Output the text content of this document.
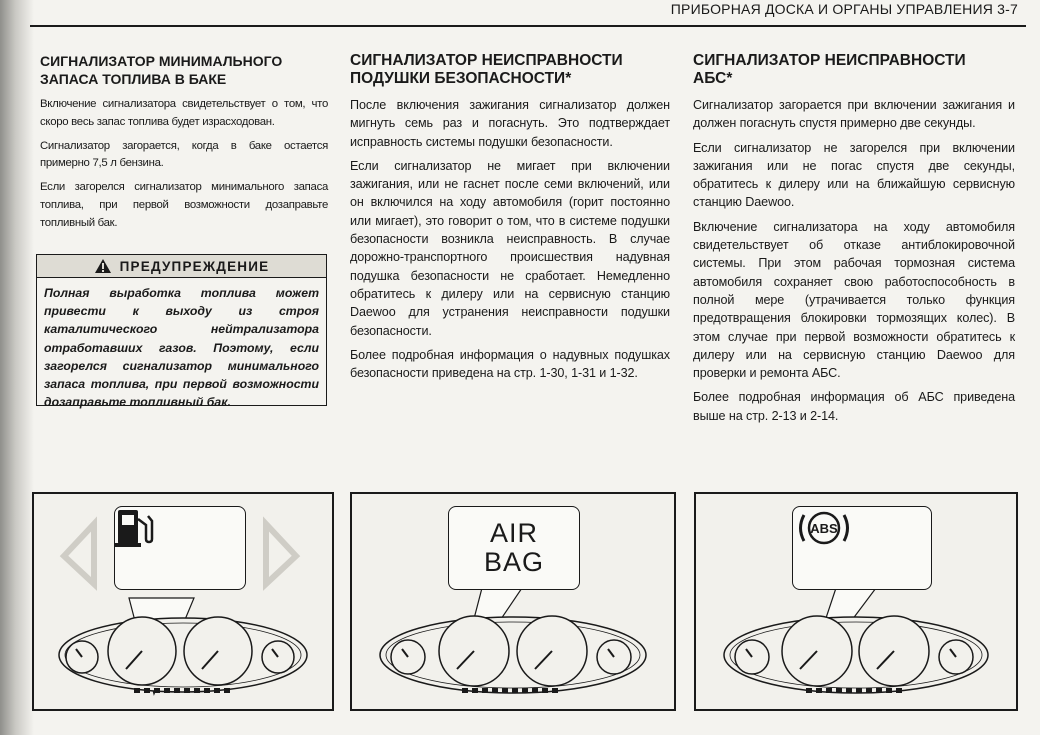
ПРИБОРНАЯ ДОСКА И ОРГАНЫ УПРАВЛЕНИЯ 3-7
СИГНАЛИЗАТОР МИНИМАЛЬНОГО
ЗАПАСА ТОПЛИВА В БАКЕ

Включение сигнализатора свидетельствует о том, что скоро весь запас топлива будет израсходован.

Сигнализатор загорается, когда в баке остается примерно 7,5 л бензина.

Если загорелся сигнализатор минимального запаса топлива, при первой возможности дозаправьте топливный бак.

ПРЕДУПРЕЖДЕНИЕ
Полная выработка топлива может привести к выходу из строя каталитического нейтрализатора отработавших газов. Поэтому, если загорелся сигнализатор минимального запаса топлива, при первой возможности дозаправьте топливный бак.
СИГНАЛИЗАТОР НЕИСПРАВНОСТИ
ПОДУШКИ БЕЗОПАСНОСТИ*

После включения зажигания сигнализатор должен мигнуть семь раз и погаснуть. Это подтверждает исправность системы подушки безопасности.

Если сигнализатор не мигает при включении зажигания, или не гаснет после семи включений, или он включился на ходу автомобиля (горит постоянно или мигает), это говорит о том, что в системе подушки безопасности возникла неисправность. В случае дорожно-транспортного происшествия надувная подушка безопасности не сработает. Немедленно обратитесь к дилеру или на сервисную станцию Daewoo для устранения неисправности подушки безопасности.

Более подробная информация о надувных подушках безопасности приведена на стр. 1-30, 1-31 и 1-32.

СИГНАЛИЗАТОР НЕИСПРАВНОСТИ
АБС*

Сигнализатор загорается при включении зажигания и должен погаснуть спустя примерно две секунды.

Если сигнализатор не загорелся при включении зажигания или не погас спустя две секунды, обратитесь к дилеру или на ближайшую сервисную станцию Daewoo.

Включение сигнализатора на ходу автомобиля свидетельствует об отказе антиблокировочной системы. При этом рабочая тормозная система автомобиля сохраняет свою работоспособность в полной мере (утрачивается только функция предотвращения блокировки тормозящих колес). В этом случае при первой возможности обратитесь к дилеру или на сервисную станцию Daewoo для проверки и ремонта АБС.

Более подробная информация об АБС приведена выше на стр. 2-13 и 2-14.

AIR
BAG
ABS
